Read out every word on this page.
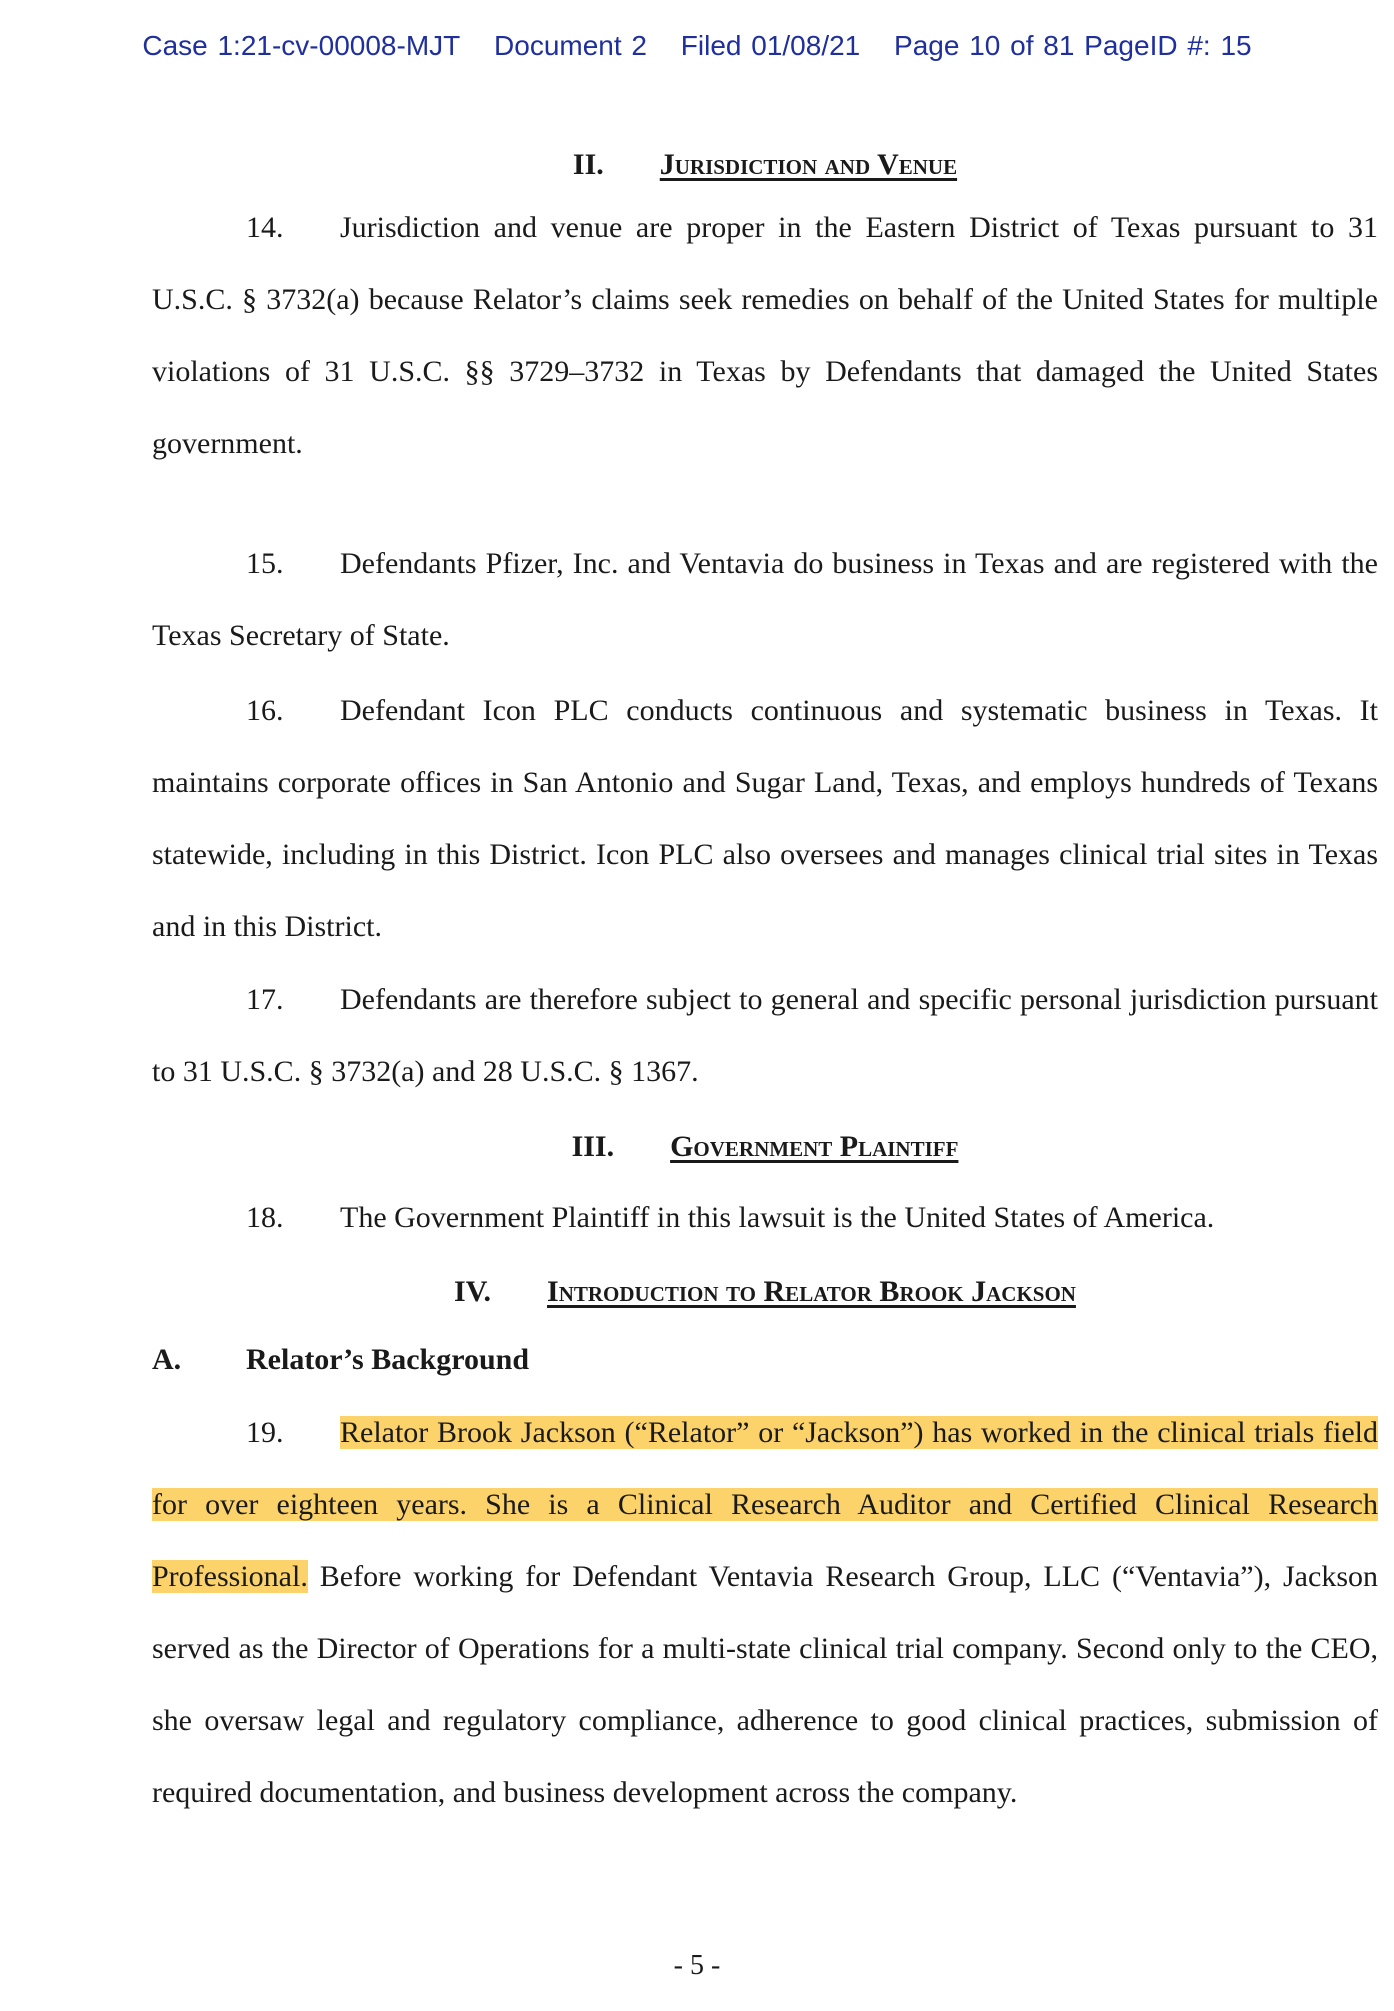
Case 1:21-cv-00008-MJT Document 2 Filed 01/08/21 Page 10 of 81 PageID #: 15
II. Jurisdiction and Venue

14. Jurisdiction and venue are proper in the Eastern District of Texas pursuant to 31 U.S.C. § 3732(a) because Relator’s claims seek remedies on behalf of the United States for multiple violations of 31 U.S.C. §§ 3729–3732 in Texas by Defendants that damaged the United States government.

15. Defendants Pfizer, Inc. and Ventavia do business in Texas and are registered with the Texas Secretary of State.

16. Defendant Icon PLC conducts continuous and systematic business in Texas. It maintains corporate offices in San Antonio and Sugar Land, Texas, and employs hundreds of Texans statewide, including in this District. Icon PLC also oversees and manages clinical trial sites in Texas and in this District.

17. Defendants are therefore subject to general and specific personal jurisdiction pursuant to 31 U.S.C. § 3732(a) and 28 U.S.C. § 1367.

III. Government Plaintiff

18. The Government Plaintiff in this lawsuit is the United States of America.

IV. Introduction to Relator Brook Jackson
A. Relator’s Background

19. Relator Brook Jackson (“Relator” or “Jackson”) has worked in the clinical trials field for over eighteen years. She is a Clinical Research Auditor and Certified Clinical Research Professional. Before working for Defendant Ventavia Research Group, LLC (“Ventavia”), Jackson served as the Director of Operations for a multi-state clinical trial company. Second only to the CEO, she oversaw legal and regulatory compliance, adherence to good clinical practices, submission of required documentation, and business development across the company.

- 5 -
